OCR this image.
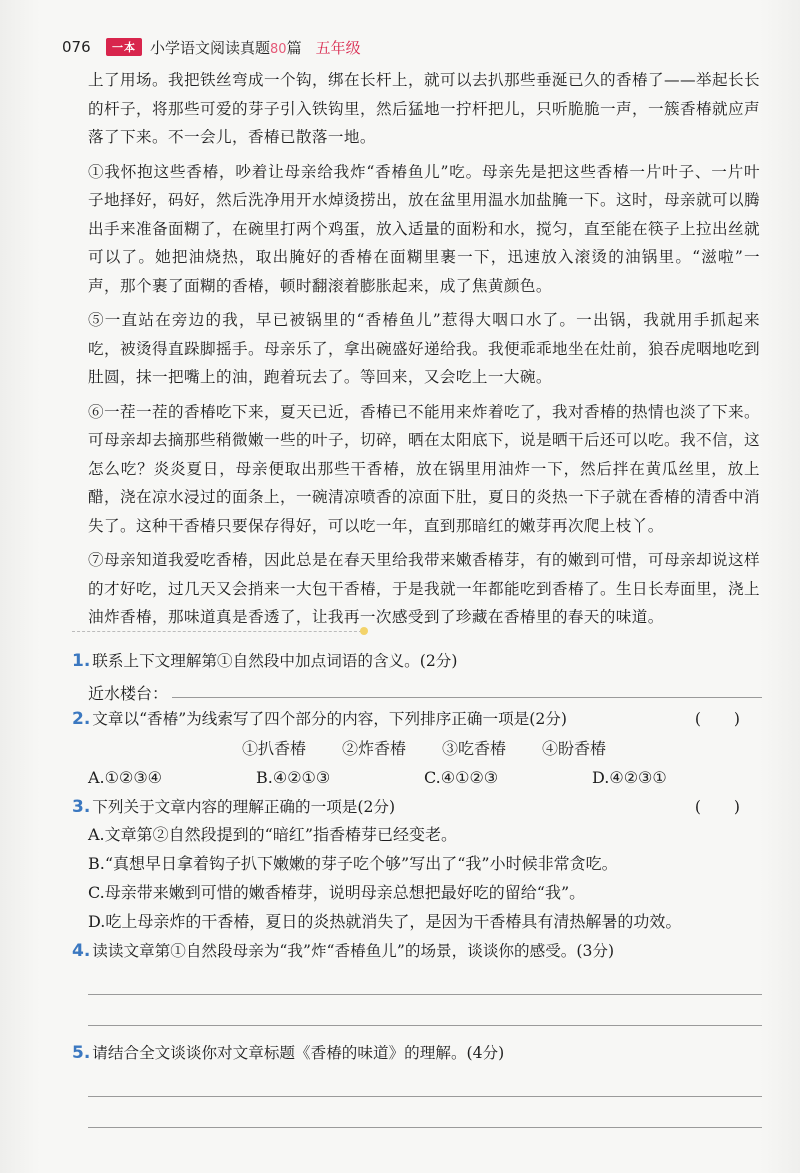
076	一本 小学语文阅读真题80篇 五年级

上了用场。我把铁丝弯成一个钩，绑在长杆上，就可以去扒那些垂涎已久的香椿了——举起长长的杆子，将那些可爱的芽子引入铁钩里，然后猛地一拧杆把儿，只听脆脆一声，一簇香椿就应声落了下来。不一会儿，香椿已散落一地。

①我怀抱这些香椿，吵着让母亲给我炸“香椿鱼儿”吃。母亲先是把这些香椿一片叶子、一片叶子地择好，码好，然后洗净用开水焯烫捞出，放在盆里用温水加盐腌一下。这时，母亲就可以腾出手来准备面糊了，在碗里打两个鸡蛋，放入适量的面粉和水，搅匀，直至能在筷子上拉出丝就可以了。她把油烧热，取出腌好的香椿在面糊里裹一下，迅速放入滚烫的油锅里。“滋啦”一声，那个裹了面糊的香椿，顿时翻滚着膨胀起来，成了焦黄颜色。

⑤一直站在旁边的我，早已被锅里的“香椿鱼儿”惹得大咽口水了。一出锅，我就用手抓起来吃，被烫得直跺脚摇手。母亲乐了，拿出碗盛好递给我。我便乖乖地坐在灶前，狼吞虎咽地吃到肚圆，抹一把嘴上的油，跑着玩去了。等回来，又会吃上一大碗。

⑥一茬一茬的香椿吃下来，夏天已近，香椿已不能用来炸着吃了，我对香椿的热情也淡了下来。可母亲却去摘那些稍微嫩一些的叶子，切碎，晒在太阳底下，说是晒干后还可以吃。我不信，这怎么吃？炎炎夏日，母亲便取出那些干香椿，放在锅里用油炸一下，然后拌在黄瓜丝里，放上醋，浇在凉水浸过的面条上，一碗清凉喷香的凉面下肚，夏日的炎热一下子就在香椿的清香中消失了。这种干香椿只要保存得好，可以吃一年，直到那暗红的嫩芽再次爬上枝丫。

⑦母亲知道我爱吃香椿，因此总是在春天里给我带来嫩香椿芽，有的嫩到可惜，可母亲却说这样的才好吃，过几天又会捎来一大包干香椿，于是我就一年都能吃到香椿了。生日长寿面里，浇上油炸香椿，那味道真是香透了，让我再一次感受到了珍藏在香椿里的春天的味道。

1. 联系上下文理解第①自然段中加点词语的含义。(2分)
近水楼台：
2. 文章以“香椿”为线索写了四个部分的内容，下列排序正确一项是(2分)	( )
①扒香椿 ②炸香椿 ③吃香椿 ④盼香椿
A.①②③④	B.④②①③	C.④①②③	D.④②③①
3. 下列关于文章内容的理解正确的一项是(2分)	( )
A.文章第②自然段提到的“暗红”指香椿芽已经变老。
B.“真想早日拿着钩子扒下嫩嫩的芽子吃个够”写出了“我”小时候非常贪吃。
C.母亲带来嫩到可惜的嫩香椿芽，说明母亲总想把最好吃的留给“我”。
D.吃上母亲炸的干香椿，夏日的炎热就消失了，是因为干香椿具有清热解暑的功效。
4. 读读文章第①自然段母亲为“我”炸“香椿鱼儿”的场景，谈谈你的感受。(3分)
5. 请结合全文谈谈你对文章标题《香椿的味道》的理解。(4分)
